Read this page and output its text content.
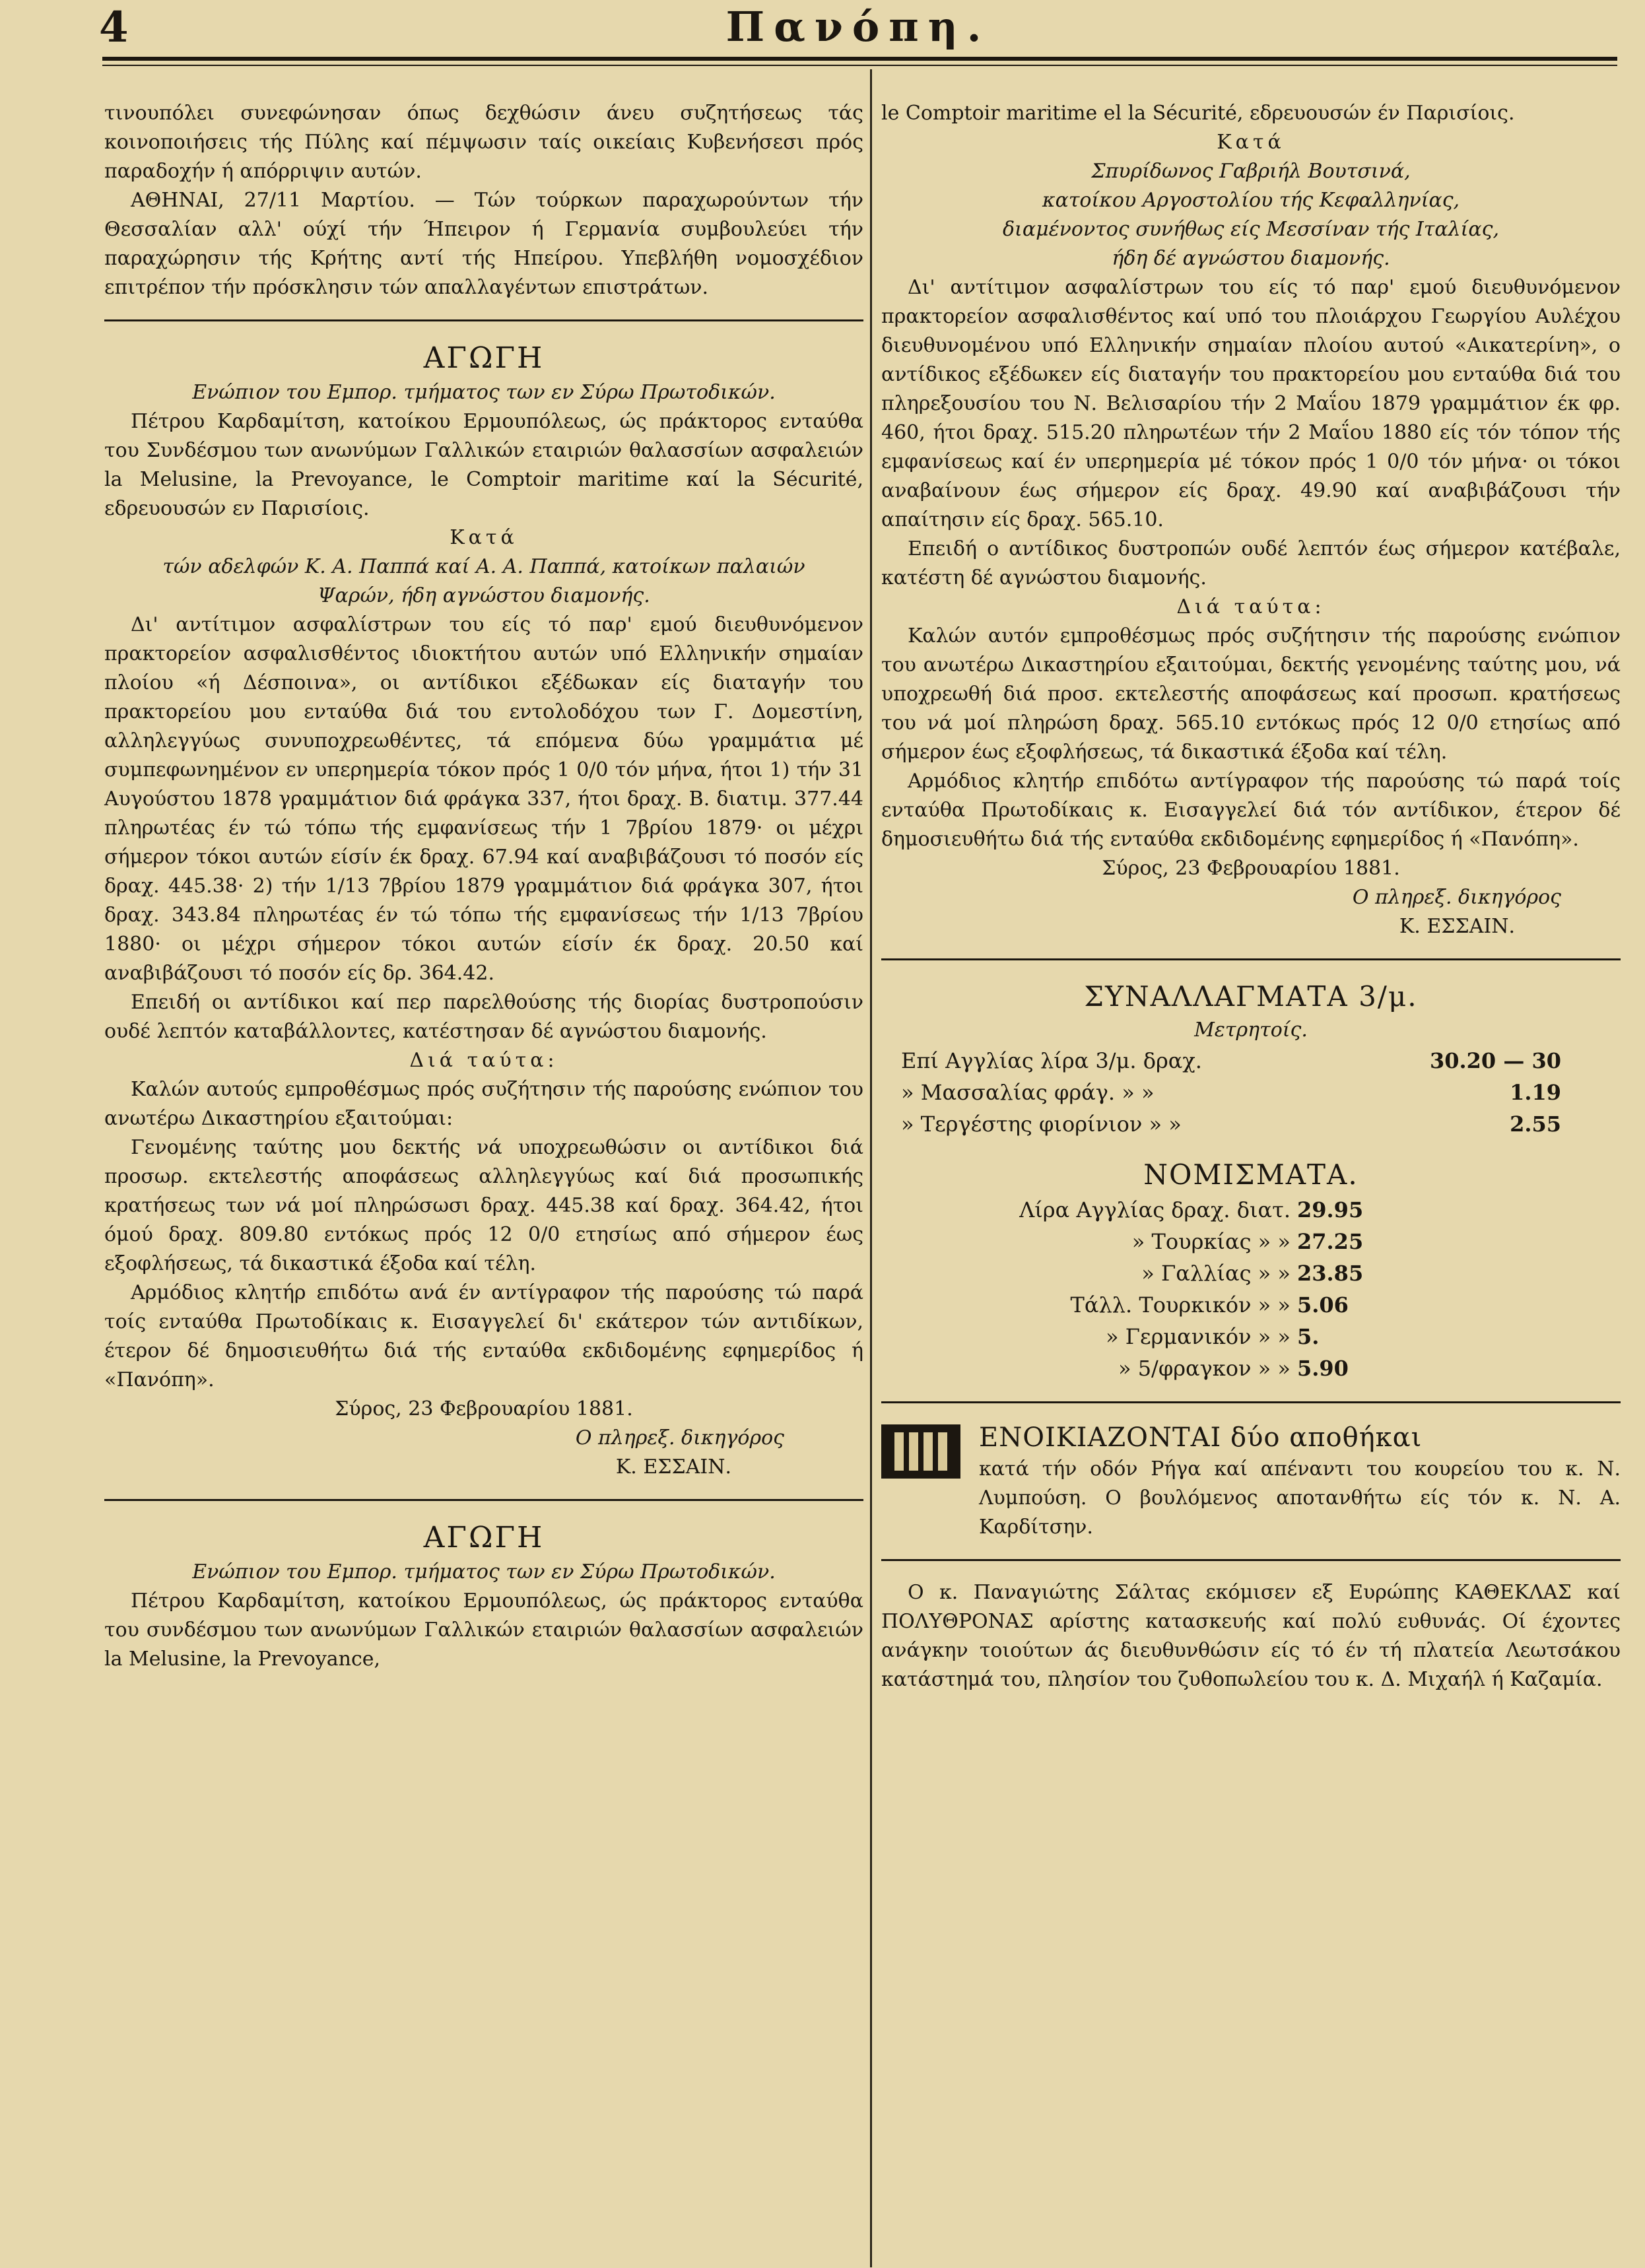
4	Πανόπη.

τινουπόλει συνεφώνησαν όπως δεχθώσιν άνευ συζητήσεως τάς κοινοποιήσεις τής Πύλης καί πέμψωσιν ταίς οικείαις Κυβενήσεσι πρός παραδοχήν ή απόρριψιν αυτών.

ΑΘΗΝΑΙ, 27/11 Μαρτίου. — Τών τούρκων παραχωρούντων τήν Θεσσαλίαν αλλ' ούχί τήν Ήπειρον ή Γερμανία συμβουλεύει τήν παραχώρησιν τής Κρήτης αντί τής Ηπείρου. Υπεβλήθη νομοσχέδιον επιτρέπον τήν πρόσκλησιν τών απαλλαγέντων επιστράτων.

ΑΓΩΓΗ

Ενώπιον του Εμπορ. τμήματος των εν Σύρω Πρωτοδικών.

Πέτρου Καρδαμίτση, κατοίκου Ερμουπόλεως, ώς πράκτορος ενταύθα του Συνδέσμου των ανωνύμων Γαλλικών εταιριών θαλασσίων ασφαλειών la Melusine, la Prevoyance, le Comptoir maritime καί la Sécurité, εδρευουσών εν Παρισίοις.

Κατά

τών αδελφών Κ. Α. Παππά καί Α. Α. Παππά, κατοίκων παλαιών Ψαρών, ήδη αγνώστου διαμονής.

Δι' αντίτιμον ασφαλίστρων του είς τό παρ' εμού διευθυνόμενον πρακτορείον ασφαλισθέντος ιδιοκτήτου αυτών υπό Ελληνικήν σημαίαν πλοίου «ή Δέσποινα», οι αντίδικοι εξέδωκαν είς διαταγήν του πρακτορείου μου ενταύθα διά του εντολοδόχου των Γ. Δομεστίνη, αλληλεγγύως συνυποχρεωθέντες, τά επόμενα δύω γραμμάτια μέ συμπεφωνημένον εν υπερημερία τόκον πρός 1 0/0 τόν μήνα, ήτοι 1) τήν 31 Αυγούστου 1878 γραμμάτιον διά φράγκα 337, ήτοι δραχ. Β. διατιμ. 377.44 πληρωτέας έν τώ τόπω τής εμφανίσεως τήν 1 7βρίου 1879· οι μέχρι σήμερον τόκοι αυτών είσίν έκ δραχ. 67.94 καί αναβιβάζουσι τό ποσόν είς δραχ. 445.38· 2) τήν 1/13 7βρίου 1879 γραμμάτιον διά φράγκα 307, ήτοι δραχ. 343.84 πληρωτέας έν τώ τόπω τής εμφανίσεως τήν 1/13 7βρίου 1880· οι μέχρι σήμερον τόκοι αυτών είσίν έκ δραχ. 20.50 καί αναβιβάζουσι τό ποσόν είς δρ. 364.42.

Επειδή οι αντίδικοι καί περ παρελθούσης τής διορίας δυστροπούσιν ουδέ λεπτόν καταβάλλοντες, κατέστησαν δέ αγνώστου διαμονής.

Διά ταύτα:

Καλών αυτούς εμπροθέσμως πρός συζήτησιν τής παρούσης ενώπιον του ανωτέρω Δικαστηρίου εξαιτούμαι:

Γενομένης ταύτης μου δεκτής νά υποχρεωθώσιν οι αντίδικοι διά προσωρ. εκτελεστής αποφάσεως αλληλεγγύως καί διά προσωπικής κρατήσεως των νά μοί πληρώσωσι δραχ. 445.38 καί δραχ. 364.42, ήτοι όμού δραχ. 809.80 εντόκως πρός 12 0/0 ετησίως από σήμερον έως εξοφλήσεως, τά δικαστικά έξοδα καί τέλη.

Αρμόδιος κλητήρ επιδότω ανά έν αντίγραφον τής παρούσης τώ παρά τοίς ενταύθα Πρωτοδίκαις κ. Εισαγγελεί δι' εκάτερον τών αντιδίκων, έτερον δέ δημοσιευθήτω διά τής ενταύθα εκδιδομένης εφημερίδος ή «Πανόπη».

Σύρος, 23 Φεβρουαρίου 1881.

Ο πληρεξ. δικηγόρος

Κ. ΕΣΣΑΙΝ.

ΑΓΩΓΗ

Ενώπιον του Εμπορ. τμήματος των εν Σύρω Πρωτοδικών.

Πέτρου Καρδαμίτση, κατοίκου Ερμουπόλεως, ώς πράκτορος ενταύθα του συνδέσμου των ανωνύμων Γαλλικών εταιριών θαλασσίων ασφαλειών la Melusine, la Prevoyance,

le Comptoir maritime el la Sécurité, εδρευουσών έν Παρισίοις.

Κατά

Σπυρίδωνος Γαβριήλ Βουτσινά,

κατοίκου Αργοστολίου τής Κεφαλληνίας,

διαμένοντος συνήθως είς Μεσσίναν τής Ιταλίας,

ήδη δέ αγνώστου διαμονής.

Δι' αντίτιμον ασφαλίστρων του είς τό παρ' εμού διευθυνόμενον πρακτορείον ασφαλισθέντος καί υπό του πλοιάρχου Γεωργίου Αυλέχου διευθυνομένου υπό Ελληνικήν σημαίαν πλοίου αυτού «Αικατερίνη», ο αντίδικος εξέδωκεν είς διαταγήν του πρακτορείου μου ενταύθα διά του πληρεξουσίου του Ν. Βελισαρίου τήν 2 Μαΐου 1879 γραμμάτιον έκ φρ. 460, ήτοι δραχ. 515.20 πληρωτέων τήν 2 Μαΐου 1880 είς τόν τόπον τής εμφανίσεως καί έν υπερημερία μέ τόκον πρός 1 0/0 τόν μήνα· οι τόκοι αναβαίνουν έως σήμερον είς δραχ. 49.90 καί αναβιβάζουσι τήν απαίτησιν είς δραχ. 565.10.

Επειδή ο αντίδικος δυστροπών ουδέ λεπτόν έως σήμερον κατέβαλε, κατέστη δέ αγνώστου διαμονής.

Διά ταύτα:

Καλών αυτόν εμπροθέσμως πρός συζήτησιν τής παρούσης ενώπιον του ανωτέρω Δικαστηρίου εξαιτούμαι, δεκτής γενομένης ταύτης μου, νά υποχρεωθή διά προσ. εκτελεστής αποφάσεως καί προσωπ. κρατήσεως του νά μοί πληρώση δραχ. 565.10 εντόκως πρός 12 0/0 ετησίως από σήμερον έως εξοφλήσεως, τά δικαστικά έξοδα καί τέλη.

Αρμόδιος κλητήρ επιδότω αντίγραφον τής παρούσης τώ παρά τοίς ενταύθα Πρωτοδίκαις κ. Εισαγγελεί διά τόν αντίδικον, έτερον δέ δημοσιευθήτω διά τής ενταύθα εκδιδομένης εφημερίδος ή «Πανόπη».

Σύρος, 23 Φεβρουαρίου 1881.

Ο πληρεξ. δικηγόρος

Κ. ΕΣΣΑΙΝ.

ΣΥΝΑΛΛΑΓΜΑΤΑ 3/μ.
Μετρητοίς.
Επί Αγγλίας λίρα 3/μ. δραχ.	30.20 — 30
» Μασσαλίας φράγ. » »	1.19
» Τεργέστης φιορίνιον » »	2.55
ΝΟΜΙΣΜΑΤΑ.
Λίρα Αγγλίας δραχ. διατ. 29.95
» Τουρκίας » » 27.25
» Γαλλίας » » 23.85
Τάλλ. Τουρκικόν » » 5.06
» Γερμανικόν » » 5.
» 5/φραγκον » » 5.90

ΕΝΟΙΚΙΑΖΟΝΤΑΙ δύο αποθήκαι

κατά τήν οδόν Ρήγα καί απέναντι του κουρείου του κ. Ν. Λυμπούση. Ο βουλόμενος αποτανθήτω είς τόν κ. Ν. Α. Καρδίτσην.

Ο κ. Παναγιώτης Σάλτας εκόμισεν εξ Ευρώπης ΚΑΘΕΚΛΑΣ καί ΠΟΛΥΘΡΟΝΑΣ αρίστης κατασκευής καί πολύ ευθυνάς. Οί έχοντες ανάγκην τοιούτων άς διευθυνθώσιν είς τό έν τή πλατεία Λεωτσάκου κατάστημά του, πλησίον του ζυθοπωλείου του κ. Δ. Μιχαήλ ή Καζαμία.
